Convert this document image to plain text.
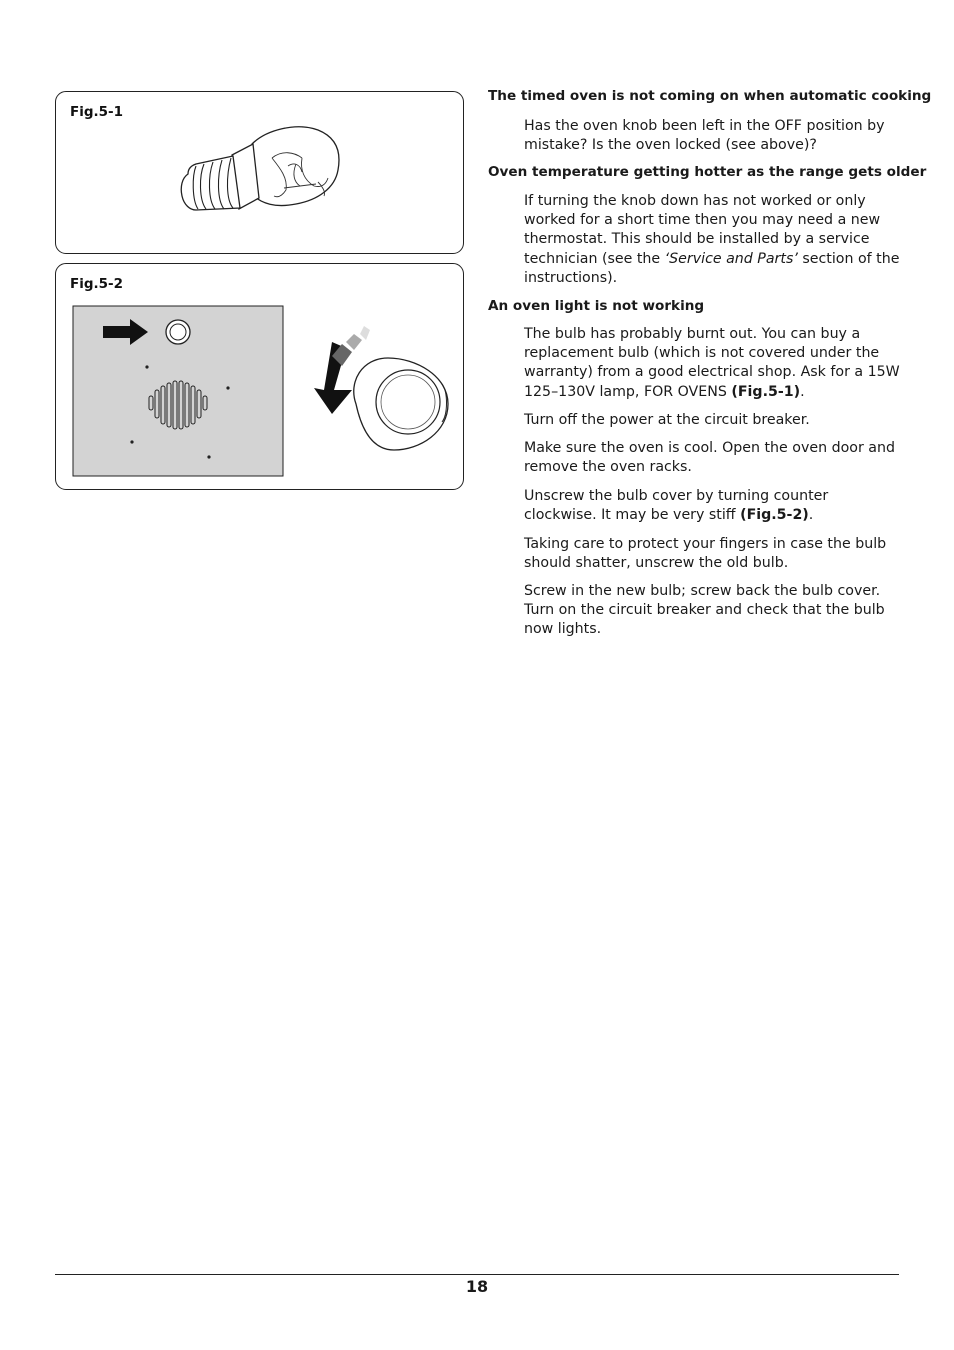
Fig.5-1
Fig.5-2
The timed oven is not coming on when automatic cooking
Has the oven knob been left in the OFF position by mistake? Is the oven locked (see above)?
Oven temperature getting hotter as the range gets older
If turning the knob down has not worked or only worked for a short time then you may need a new thermostat. This should be installed by a service technician (see the ‘Service and Parts’ section of the instructions).
An oven light is not working
The bulb has probably burnt out. You can buy a replacement bulb (which is not covered under the warranty) from a good electrical shop. Ask for a 15W 125–130V lamp, FOR OVENS (Fig.5-1).
Turn off the power at the circuit breaker.
Make sure the oven is cool. Open the oven door and remove the oven racks.
Unscrew the bulb cover by turning counter clockwise. It may be very stiff (Fig.5-2).
Taking care to protect your fingers in case the bulb should shatter, unscrew the old bulb.
Screw in the new bulb; screw back the bulb cover. Turn on the circuit breaker and check that the bulb now lights.
18
